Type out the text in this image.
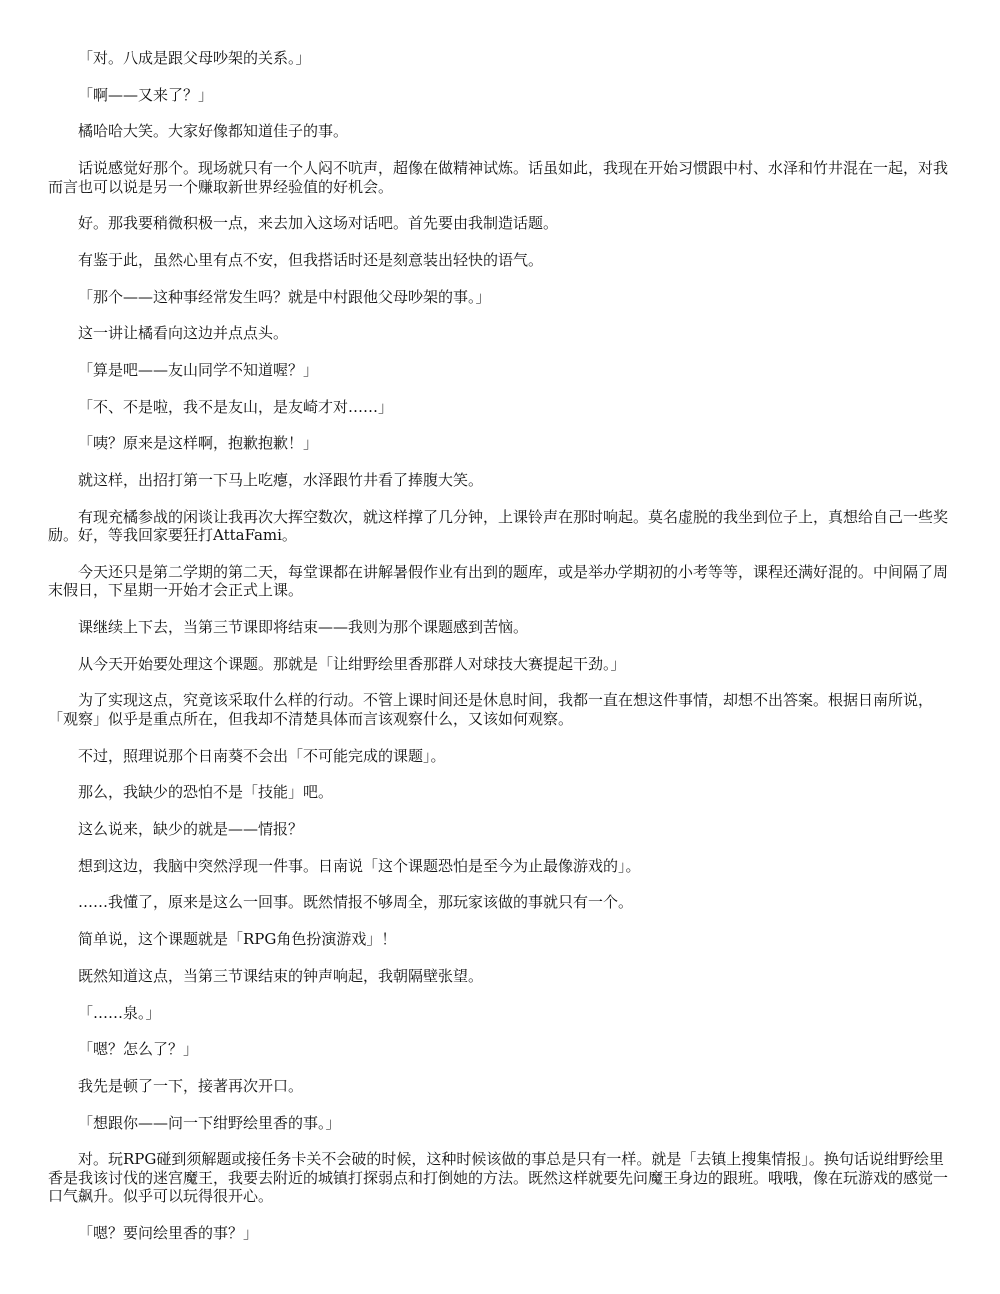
「对。八成是跟父母吵架的关系。」

「啊——又来了？」

橘哈哈大笑。大家好像都知道佳子的事。

话说感觉好那个。现场就只有一个人闷不吭声，超像在做精神试炼。话虽如此，我现在开始习惯跟中村、水泽和竹井混在一起，对我而言也可以说是另一个赚取新世界经验值的好机会。

好。那我要稍微积极一点，来去加入这场对话吧。首先要由我制造话题。

有鉴于此，虽然心里有点不安，但我搭话时还是刻意装出轻快的语气。

「那个——这种事经常发生吗？就是中村跟他父母吵架的事。」

这一讲让橘看向这边并点点头。

「算是吧——友山同学不知道喔？」

「不、不是啦，我不是友山，是友崎才对……」

「咦？原来是这样啊，抱歉抱歉！」

就这样，出招打第一下马上吃瘪，水泽跟竹井看了捧腹大笑。

有现充橘参战的闲谈让我再次大挥空数次，就这样撑了几分钟，上课铃声在那时响起。莫名虚脱的我坐到位子上，真想给自己一些奖励。好，等我回家要狂打AttaFami。

今天还只是第二学期的第二天，每堂课都在讲解暑假作业有出到的题库，或是举办学期初的小考等等，课程还满好混的。中间隔了周末假日，下星期一开始才会正式上课。

课继续上下去，当第三节课即将结束——我则为那个课题感到苦恼。

从今天开始要处理这个课题。那就是「让绀野绘里香那群人对球技大赛提起干劲。」

为了实现这点，究竟该采取什么样的行动。不管上课时间还是休息时间，我都一直在想这件事情，却想不出答案。根据日南所说，「观察」似乎是重点所在，但我却不清楚具体而言该观察什么，又该如何观察。

不过，照理说那个日南葵不会出「不可能完成的课题」。

那么，我缺少的恐怕不是「技能」吧。

这么说来，缺少的就是——情报？

想到这边，我脑中突然浮现一件事。日南说「这个课题恐怕是至今为止最像游戏的」。

……我懂了，原来是这么一回事。既然情报不够周全，那玩家该做的事就只有一个。

简单说，这个课题就是「RPG角色扮演游戏」！

既然知道这点，当第三节课结束的钟声响起，我朝隔壁张望。

「……泉。」

「嗯？怎么了？」

我先是顿了一下，接著再次开口。

「想跟你——问一下绀野绘里香的事。」

对。玩RPG碰到须解题或接任务卡关不会破的时候，这种时候该做的事总是只有一样。就是「去镇上搜集情报」。换句话说绀野绘里香是我该讨伐的迷宫魔王，我要去附近的城镇打探弱点和打倒她的方法。既然这样就要先问魔王身边的跟班。哦哦，像在玩游戏的感觉一口气飙升。似乎可以玩得很开心。

「嗯？要问绘里香的事？」
